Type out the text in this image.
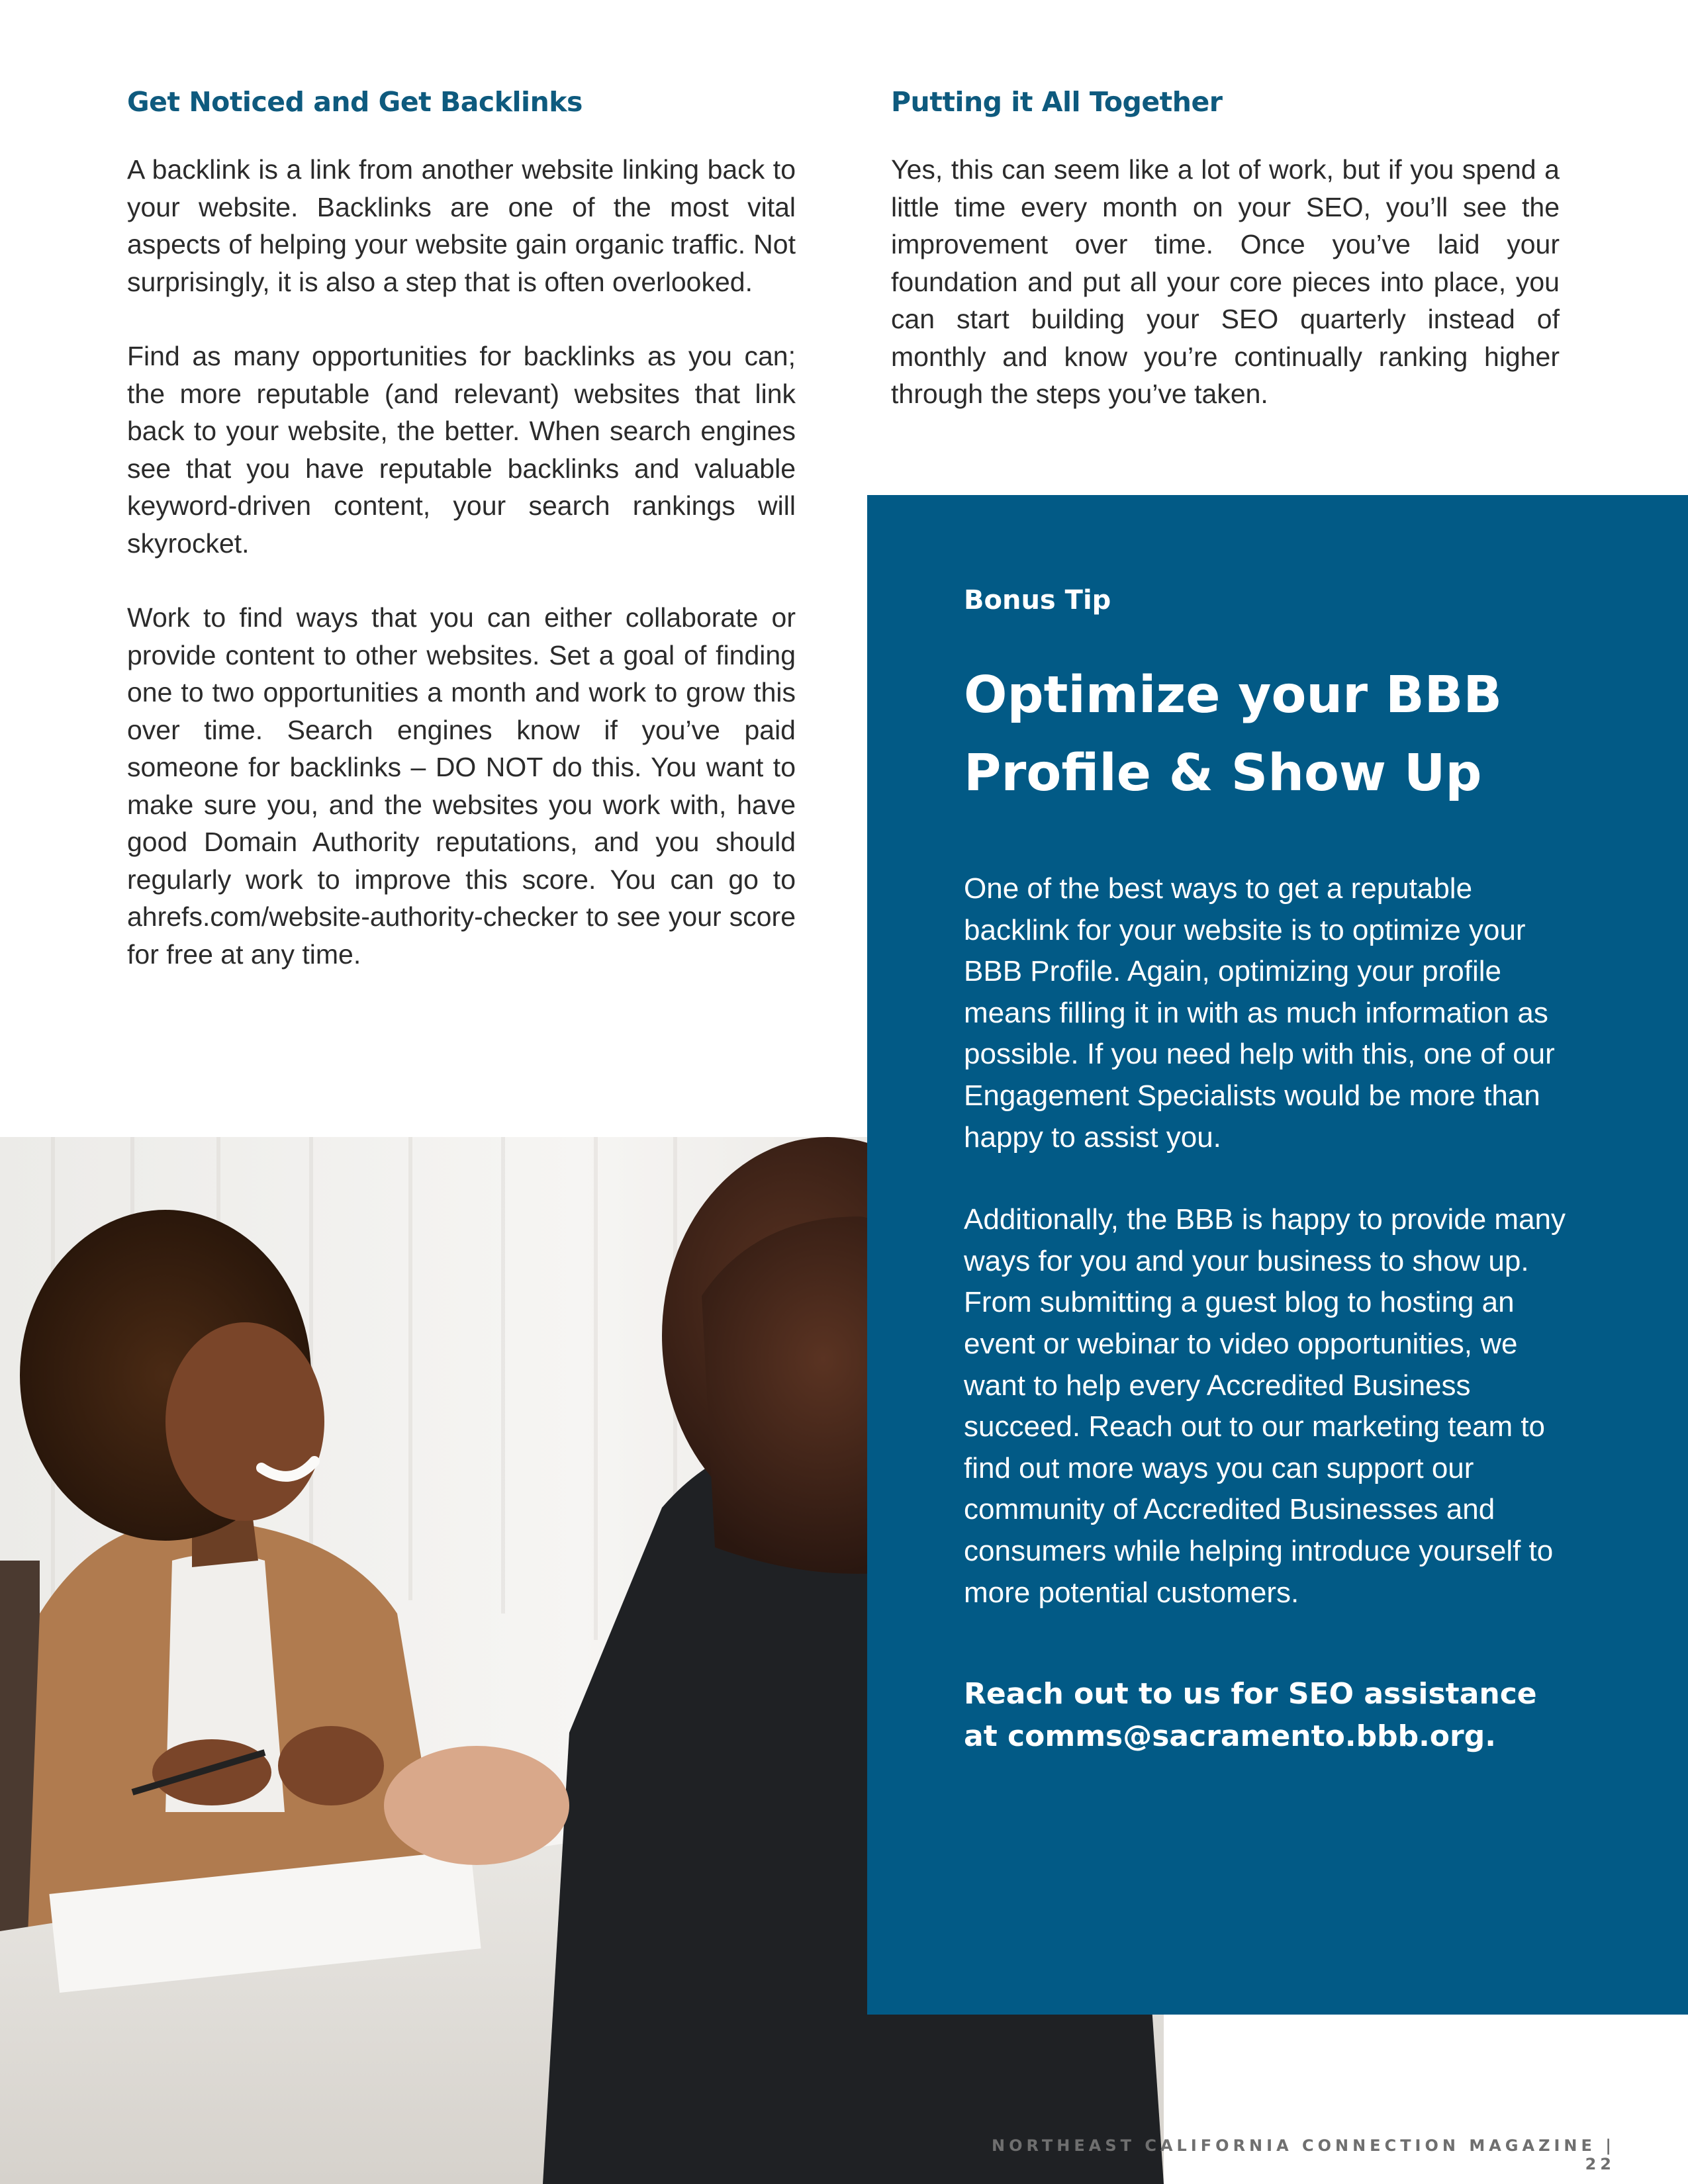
Get Noticed and Get Backlinks

A backlink is a link from another website linking back to your website. Backlinks are one of the most vital aspects of helping your website gain organic traffic. Not surprisingly, it is also a step that is often overlooked.

Find as many opportunities for backlinks as you can; the more reputable (and relevant) websites that link back to your website, the better. When search engines see that you have reputable backlinks and valuable keyword-driven content, your search rankings will skyrocket.

Work to find ways that you can either collaborate or provide content to other websites. Set a goal of finding one to two opportunities a month and work to grow this over time. Search engines know if you’ve paid someone for backlinks – DO NOT do this. You want to make sure you, and the websites you work with, have good Domain Authority reputations, and you should regularly work to improve this score. You can go to ahrefs.com/website-authority-checker to see your score for free at any time.

Putting it All Together

Yes, this can seem like a lot of work, but if you spend a little time every month on your SEO, you’ll see the improvement over time. Once you’ve laid your foundation and put all your core pieces into place, you can start building your SEO quarterly instead of monthly and know you’re continually ranking higher through the steps you’ve taken.

Bonus Tip
Optimize your BBB
Profile & Show Up

One of the best ways to get a reputable backlink for your website is to optimize your BBB Profile. Again, optimizing your profile means filling it in with as much information as possible. If you need help with this, one of our Engagement Specialists would be more than happy to assist you.

Additionally, the BBB is happy to provide many ways for you and your business to show up. From submitting a guest blog to hosting an event or webinar to video opportunities, we want to help every Accredited Business succeed. Reach out to our marketing team to find out more ways you can support our community of Accredited Businesses and consumers while helping introduce yourself to more potential customers.

Reach out to us for SEO assistance
at comms@sacramento.bbb.org.
NORTHEAST CALIFORNIA CONNECTION MAGAZINE | 22
